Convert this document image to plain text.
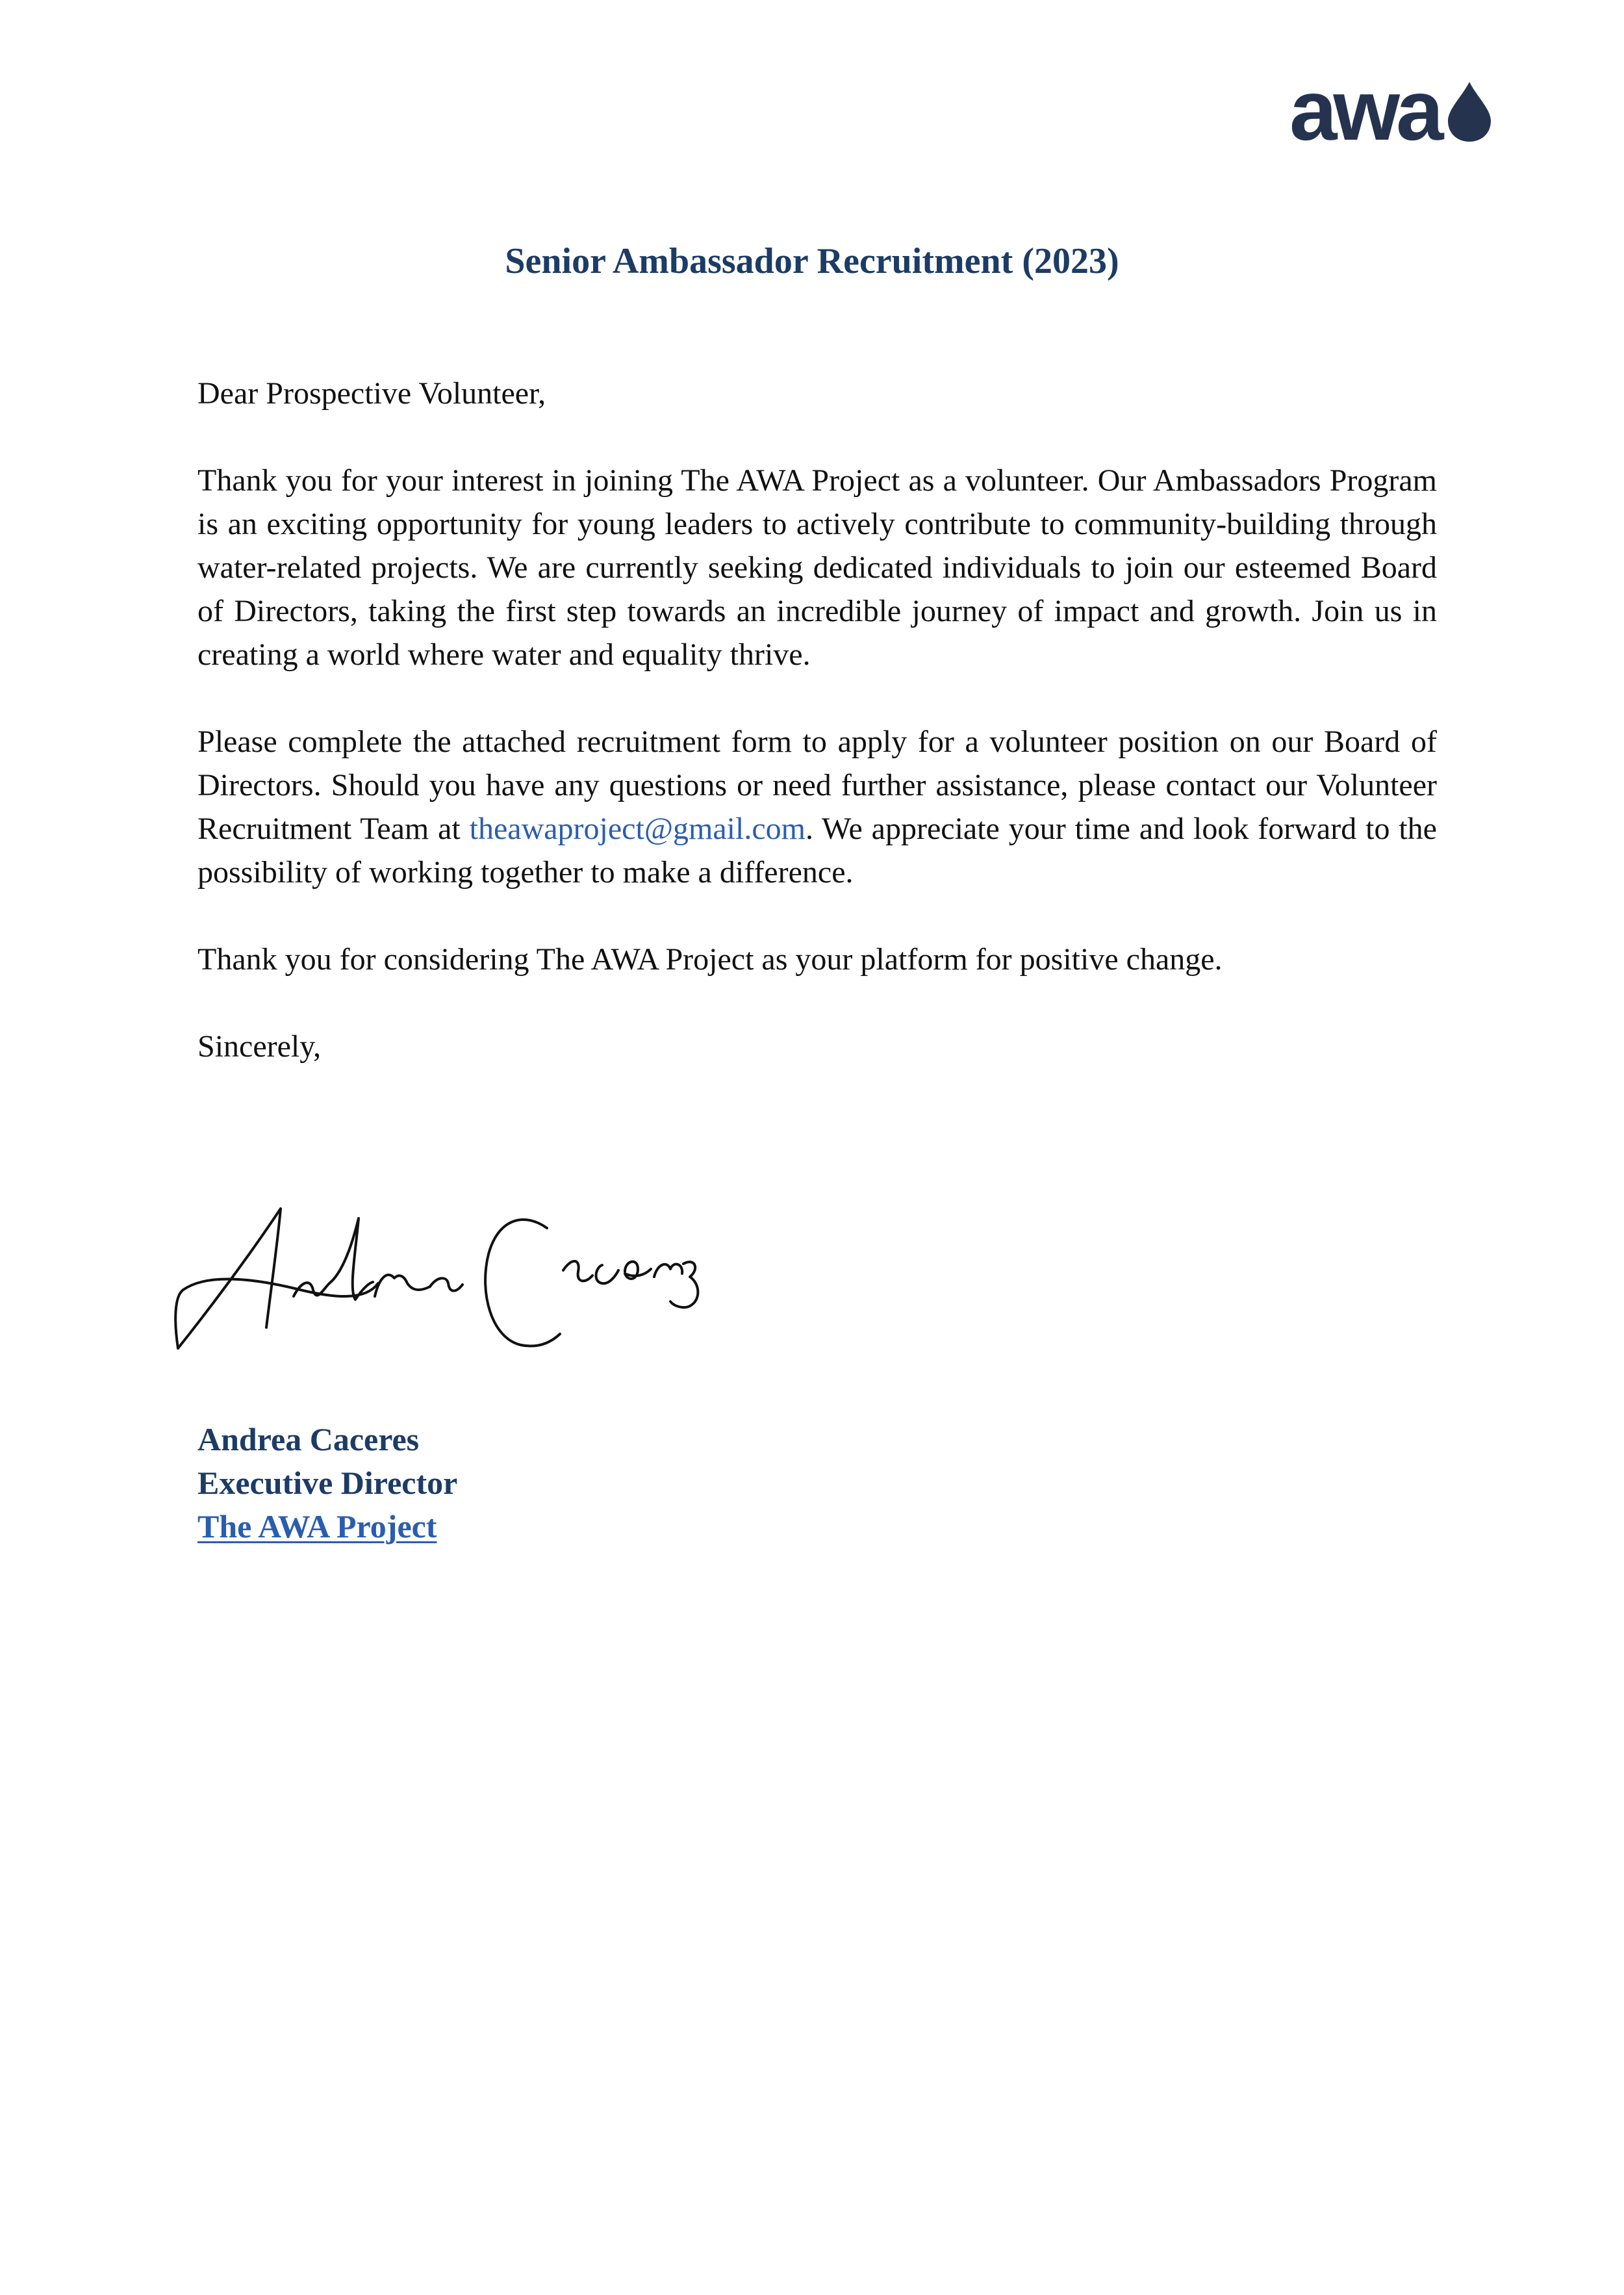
awa
Senior Ambassador Recruitment (2023)

Dear Prospective Volunteer,

Thank you for your interest in joining The AWA Project as a volunteer. Our Ambassadors Program is an exciting opportunity for young leaders to actively contribute to community-building through water-related projects. We are currently seeking dedicated individuals to join our esteemed Board of Directors, taking the first step towards an incredible journey of impact and growth. Join us in creating a world where water and equality thrive.

Please complete the attached recruitment form to apply for a volunteer position on our Board of Directors. Should you have any questions or need further assistance, please contact our Volunteer Recruitment Team at theawaproject@gmail.com. We appreciate your time and look forward to the possibility of working together to make a difference.

Thank you for considering The AWA Project as your platform for positive change.

Sincerely,

Andrea Caceres
Executive Director
The AWA Project
